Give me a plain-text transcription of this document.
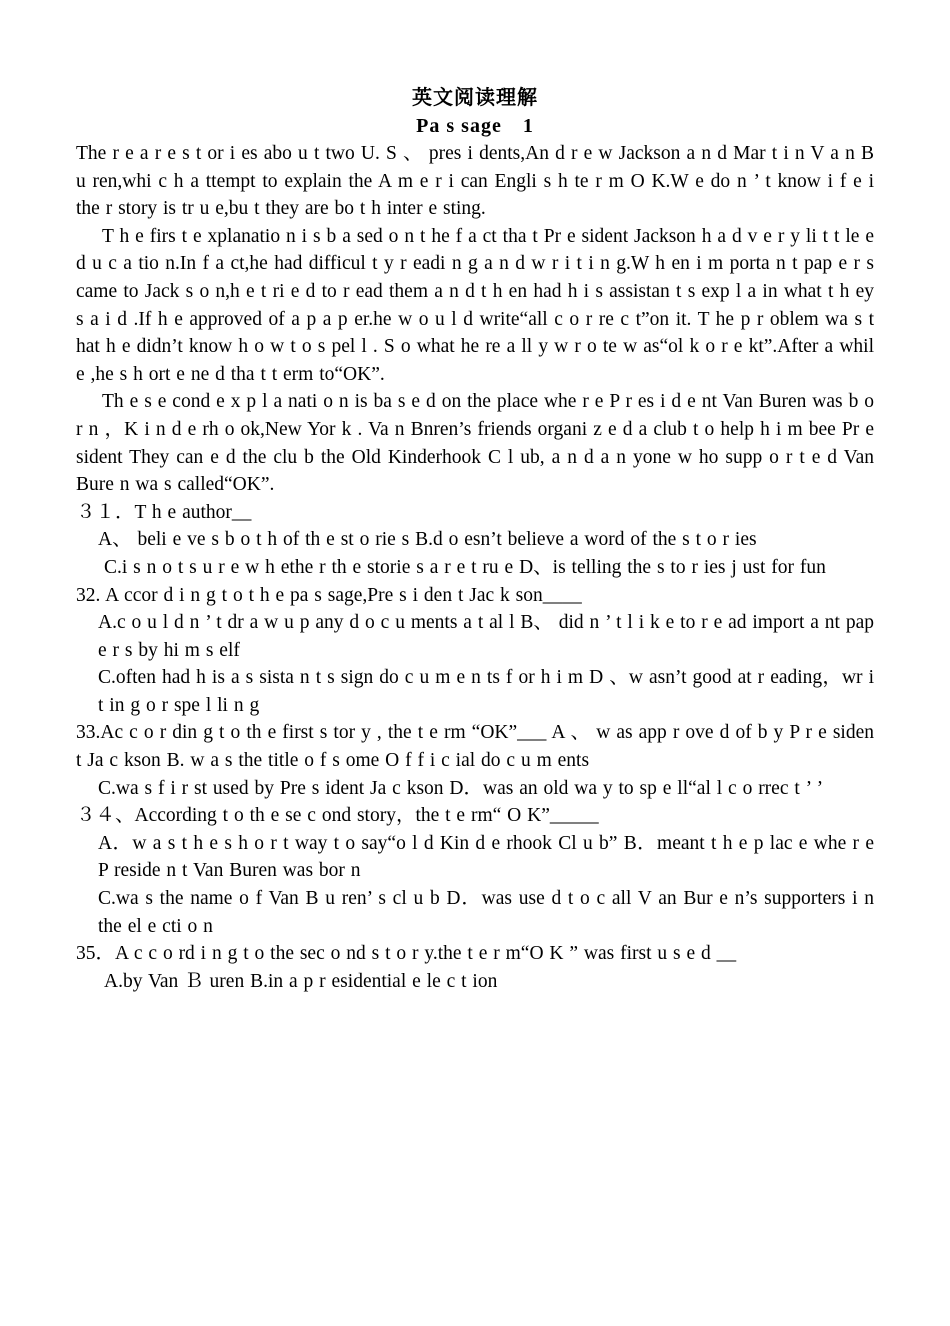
英文阅读理解
Pa s sage　1
The r e a r e s t or i es abo u t two U. S 、 pres i dents,An d r e w Jackson a n d Mar t i n V a n B u ren,whi c h a ttempt to explain the A m e r i can Engli s h te r m O K.W e do n ’ t know i f e i the r story is tr u e,bu t they are bo t h inter e sting.
T h e firs t e xplanatio n i s b a sed o n t he f a ct tha t Pr e sident Jackson h a d v e r y li t t le e d u c a tio n.In f a ct,he had difficul t y r eadi n g a n d w r i t i n g.W h en i m porta n t pap e r s came to Jack s o n,h e t ri e d to r ead them a n d t h en had h i s assistan t s exp l a in what t h ey s a i d .If h e approved of a p a p er.he w o u l d write“all c o r re c t”on it. T he p r oblem wa s t hat h e didn’t know h o w t o s pel l . S o what he re a ll y w r o te w as“ol k o r e kt”.After a whil e ,he s h ort e ne d tha t t erm to“OK”.
Th e s e cond e x p l a nati o n is ba s e d on the place whe r e P r es i d e nt Van Buren was b o r n ，K i n d e rh o ok,New Yor k . Va n Bnren’s friends organi z e d a club t o help h i m bee Pr e sident They can e d the clu b the Old Kinderhook C l ub, a n d a n yone w ho supp o r t e d Van Bure n wa s called“OK”.
３１．T h e author__
A、 beli e ve s b o t h of th e st o rie s B.d o esn’t believe a word of the s t o r ies
C.i s n o t s u r e w h ethe r th e storie s a r e t ru e D、is telling the s to r ies j ust for fun
32. A ccor d i n g t o t h e pa s sage,Pre s i den t Jac k son____
A.c o u l d n ’ t dr a w u p any d o c u ments a t al l B、 did n ’ t l i k e to r e ad import a nt pap e r s by hi m s elf
C.often had h is a s sista n t s sign do c u m e n ts f or h i m D 、w asn’t good at r eading，wr i t in g o r spe l li n g
33.Ac c o r din g t o th e first s tor y , the t e rm “OK”___ A 、 w as app r ove d of b y P r e siden t Ja c kson B. w a s the title o f s ome O f f i c ial do c u m ents
C.wa s f i r st used by Pre s ident Ja c kson D．was an old wa y to sp e ll“al l c o rrec t ’ ’
３４、According t o th e se c ond story，the t e rm“ O K”_____
A．w a s t h e s h o r t way t o say“o l d Kin d e rhook Cl u b” B．meant t h e p lac e whe r e P reside n t Van Buren was bor n
C.wa s the name o f Van B u ren’ s cl u b D．was use d t o c all V an Bur e n’s supporters i n the el e cti o n
35．A c c o rd i n g t o the sec o nd s t o r y.the t e r m“O K ” was first u s e d __
A.by Van Ｂ uren B.in a p r esidential e le c t ion
